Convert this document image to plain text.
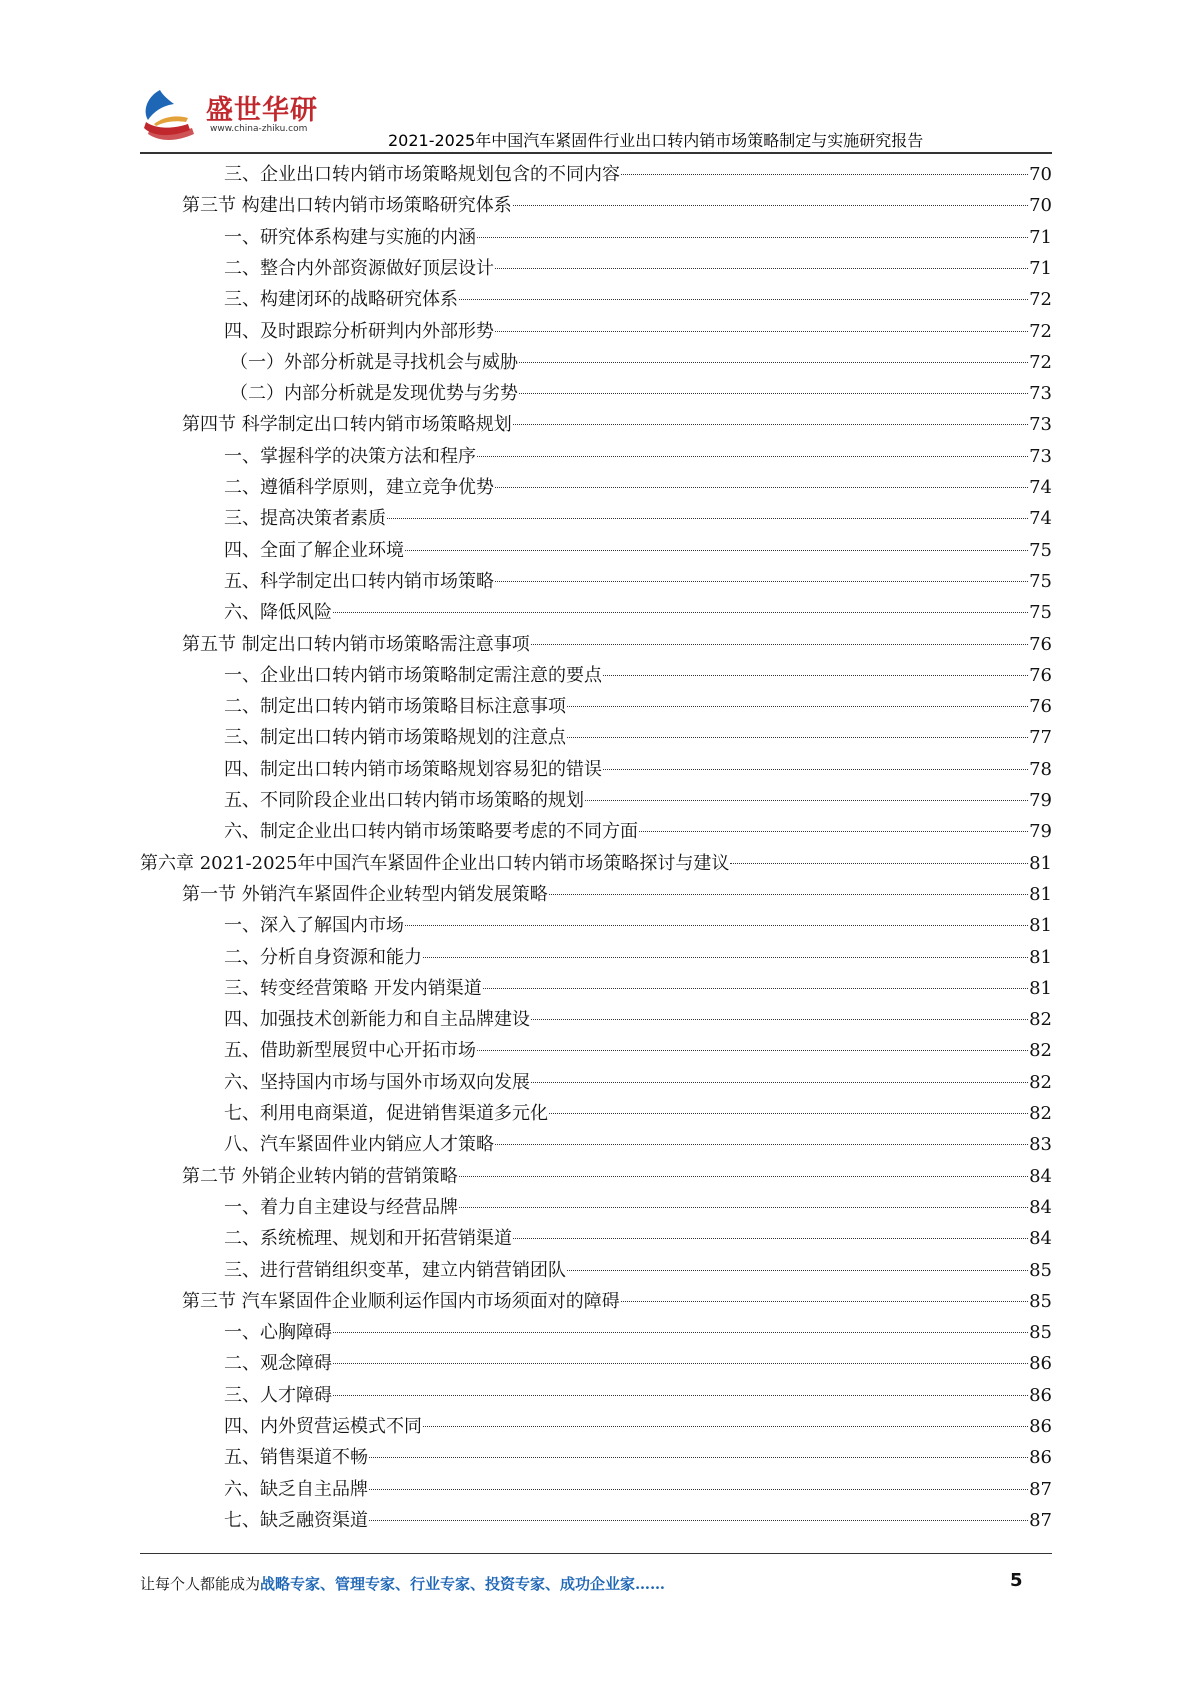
盛世华研
www.china-zhiku.com
2021-2025年中国汽车紧固件行业出口转内销市场策略制定与实施研究报告
三、企业出口转内销市场策略规划包含的不同内容	70
第三节 构建出口转内销市场策略研究体系	70
一、研究体系构建与实施的内涵	71
二、整合内外部资源做好顶层设计	71
三、构建闭环的战略研究体系	72
四、及时跟踪分析研判内外部形势	72
（一）外部分析就是寻找机会与威胁	72
（二）内部分析就是发现优势与劣势	73
第四节 科学制定出口转内销市场策略规划	73
一、掌握科学的决策方法和程序	73
二、遵循科学原则，建立竞争优势	74
三、提高决策者素质	74
四、全面了解企业环境	75
五、科学制定出口转内销市场策略	75
六、降低风险	75
第五节 制定出口转内销市场策略需注意事项	76
一、企业出口转内销市场策略制定需注意的要点	76
二、制定出口转内销市场策略目标注意事项	76
三、制定出口转内销市场策略规划的注意点	77
四、制定出口转内销市场策略规划容易犯的错误	78
五、不同阶段企业出口转内销市场策略的规划	79
六、制定企业出口转内销市场策略要考虑的不同方面	79
第六章 2021-2025年中国汽车紧固件企业出口转内销市场策略探讨与建议	81
第一节 外销汽车紧固件企业转型内销发展策略	81
一、深入了解国内市场	81
二、分析自身资源和能力	81
三、转变经营策略 开发内销渠道	81
四、加强技术创新能力和自主品牌建设	82
五、借助新型展贸中心开拓市场	82
六、坚持国内市场与国外市场双向发展	82
七、利用电商渠道，促进销售渠道多元化	82
八、汽车紧固件业内销应人才策略	83
第二节 外销企业转内销的营销策略	84
一、着力自主建设与经营品牌	84
二、系统梳理、规划和开拓营销渠道	84
三、进行营销组织变革，建立内销营销团队	85
第三节 汽车紧固件企业顺利运作国内市场须面对的障碍	85
一、心胸障碍	85
二、观念障碍	86
三、人才障碍	86
四、内外贸营运模式不同	86
五、销售渠道不畅	86
六、缺乏自主品牌	87
七、缺乏融资渠道	87
让每个人都能成为战略专家、管理专家、行业专家、投资专家、成功企业家……	5
